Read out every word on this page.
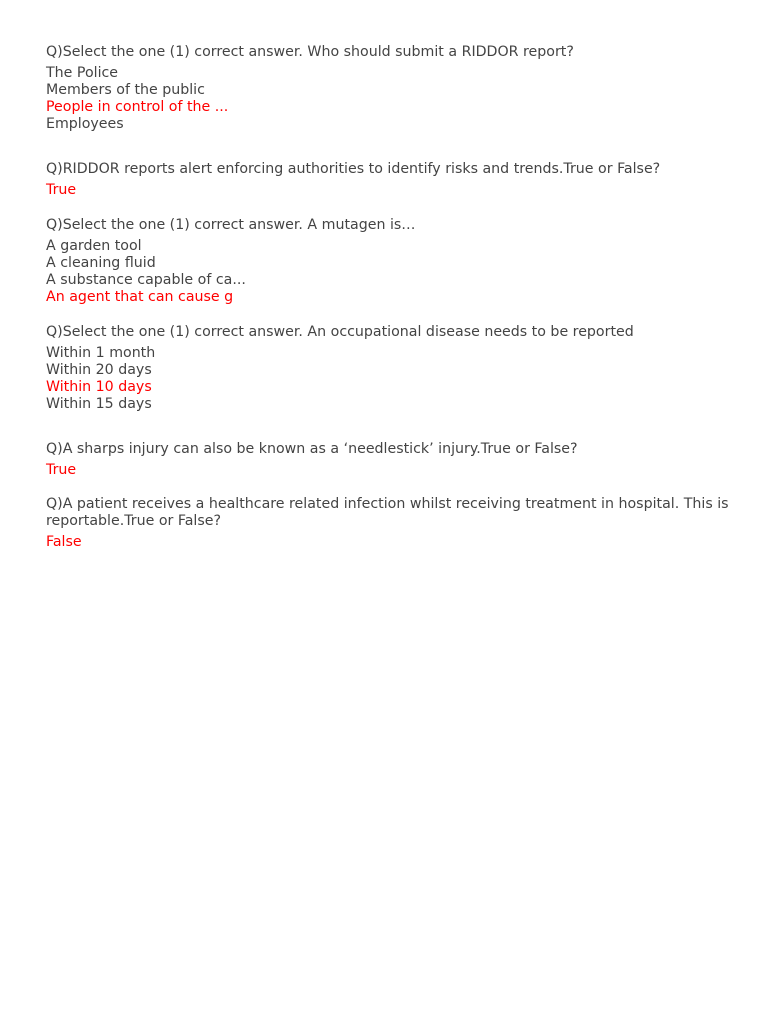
Q)Select the one (1) correct answer. Who should submit a RIDDOR report?

The Police
Members of the public
People in control of the ...
Employees

Q)RIDDOR reports alert enforcing authorities to identify risks and trends.True or False?

True

Q)Select the one (1) correct answer. A mutagen is…

A garden tool
A cleaning fluid
A substance capable of ca...
An agent that can cause g

Q)Select the one (1) correct answer. An occupational disease needs to be reported

Within 1 month
Within 20 days
Within 10 days
Within 15 days

Q)A sharps injury can also be known as a ‘needlestick’ injury.True or False?

True

Q)A patient receives a healthcare related infection whilst receiving treatment in hospital. This is reportable.True or False?

False
